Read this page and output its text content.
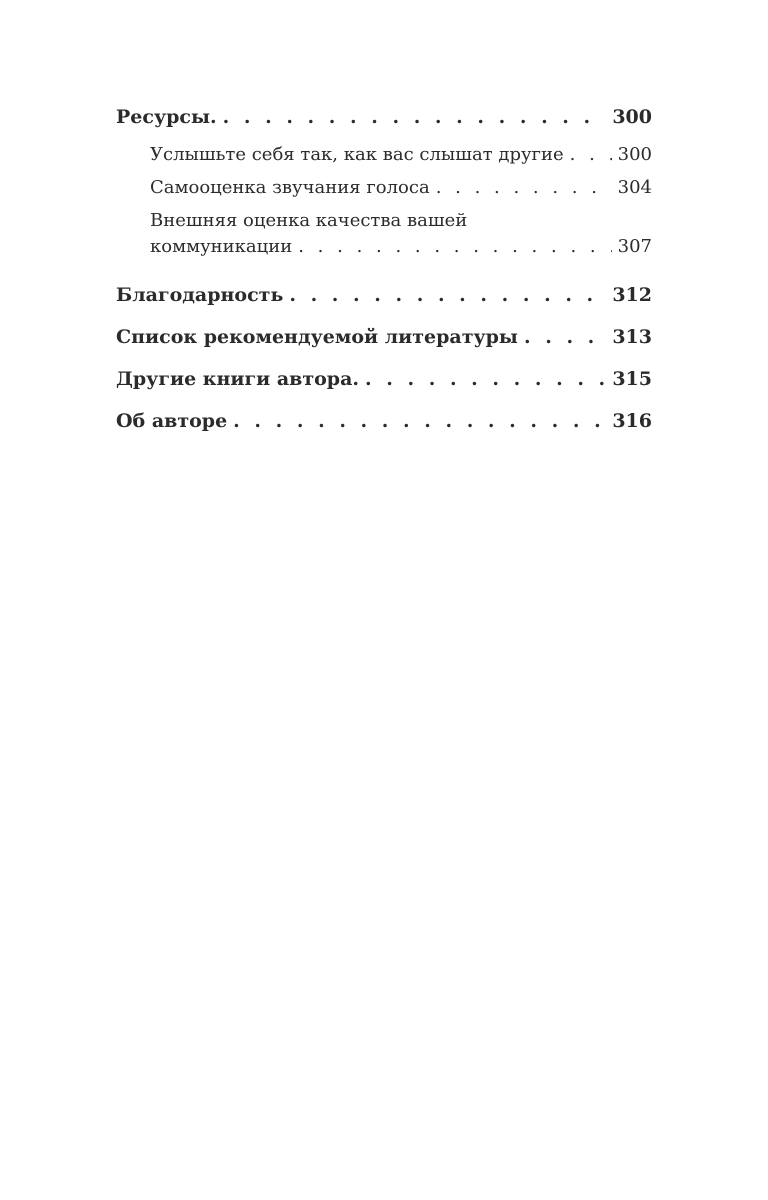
Ресурсы. . . .	300
Услышьте себя так, как вас слышат другие . . .	300
Самооценка звучания голоса . . .	304
Внешняя оценка качества вашей
коммуникации . . .	307
Благодарность . . .	312
Список рекомендуемой литературы . . .	313
Другие книги автора. . . .	315
Об авторе . . .	316
